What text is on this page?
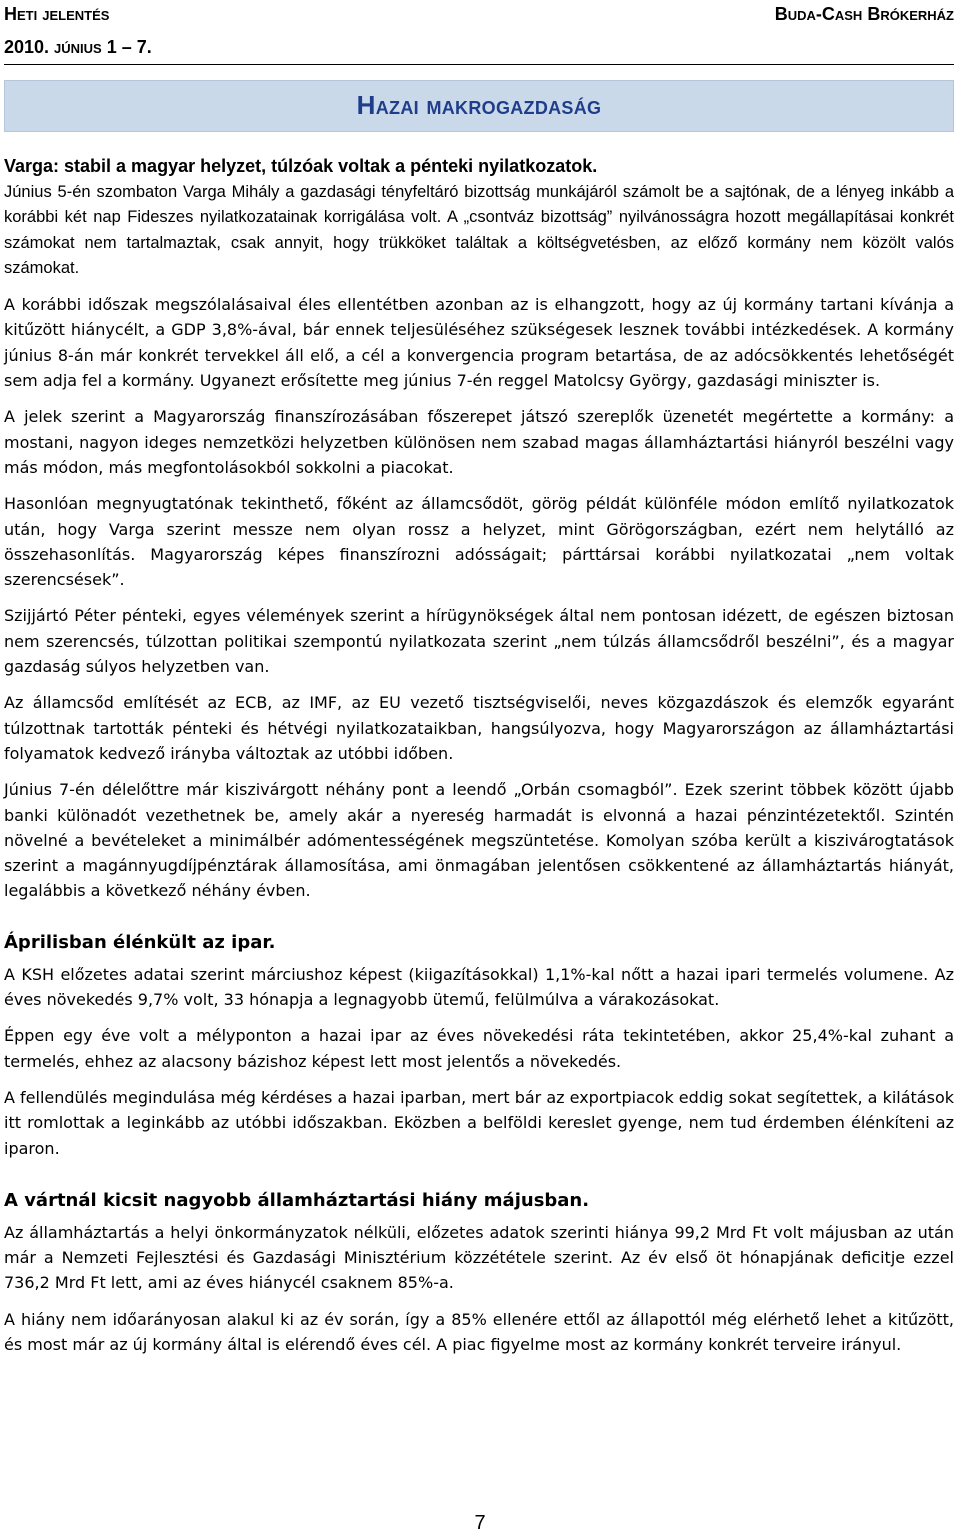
Heti jelentés	Buda-Cash Brókerház
2010. június 1 – 7.
Hazai makrogazdaság
Varga: stabil a magyar helyzet, túlzóak voltak a pénteki nyilatkozatok.

Június 5-én szombaton Varga Mihály a gazdasági tényfeltáró bizottság munkájáról számolt be a sajtónak, de a lényeg inkább a korábbi két nap Fideszes nyilatkozatainak korrigálása volt. A „csontváz bizottság” nyilvánosságra hozott megállapításai konkrét számokat nem tartalmaztak, csak annyit, hogy trükköket találtak a költségvetésben, az előző kormány nem közölt valós számokat.

A korábbi időszak megszólalásaival éles ellentétben azonban az is elhangzott, hogy az új kormány tartani kívánja a kitűzött hiánycélt, a GDP 3,8%-ával, bár ennek teljesüléséhez szükségesek lesznek további intézkedések. A kormány június 8-án már konkrét tervekkel áll elő, a cél a konvergencia program betartása, de az adócsökkentés lehetőségét sem adja fel a kormány. Ugyanezt erősítette meg június 7-én reggel Matolcsy György, gazdasági miniszter is.

A jelek szerint a Magyarország finanszírozásában főszerepet játszó szereplők üzenetét megértette a kormány: a mostani, nagyon ideges nemzetközi helyzetben különösen nem szabad magas államháztartási hiányról beszélni vagy más módon, más megfontolásokból sokkolni a piacokat.

Hasonlóan megnyugtatónak tekinthető, főként az államcsődöt, görög példát különféle módon említő nyilatkozatok után, hogy Varga szerint messze nem olyan rossz a helyzet, mint Görögországban, ezért nem helytálló az összehasonlítás. Magyarország képes finanszírozni adósságait; párttársai korábbi nyilatkozatai „nem voltak szerencsések”.

Szijjártó Péter pénteki, egyes vélemények szerint a hírügynökségek által nem pontosan idézett, de egészen biztosan nem szerencsés, túlzottan politikai szempontú nyilatkozata szerint „nem túlzás államcsődről beszélni”, és a magyar gazdaság súlyos helyzetben van.

Az államcsőd említését az ECB, az IMF, az EU vezető tisztségviselői, neves közgazdászok és elemzők egyaránt túlzottnak tartották pénteki és hétvégi nyilatkozataikban, hangsúlyozva, hogy Magyarországon az államháztartási folyamatok kedvező irányba változtak az utóbbi időben.

Június 7-én délelőttre már kiszivárgott néhány pont a leendő „Orbán csomagból”. Ezek szerint többek között újabb banki különadót vezethetnek be, amely akár a nyereség harmadát is elvonná a hazai pénzintézetektől. Szintén növelné a bevételeket a minimálbér adómentességének megszüntetése. Komolyan szóba került a kiszivárogtatások szerint a magánnyugdíjpénztárak államosítása, ami önmagában jelentősen csökkentené az államháztartás hiányát, legalábbis a következő néhány évben.

Áprilisban élénkült az ipar.

A KSH előzetes adatai szerint márciushoz képest (kiigazításokkal) 1,1%-kal nőtt a hazai ipari termelés volumene. Az éves növekedés 9,7% volt, 33 hónapja a legnagyobb ütemű, felülmúlva a várakozásokat.

Éppen egy éve volt a mélyponton a hazai ipar az éves növekedési ráta tekintetében, akkor 25,4%-kal zuhant a termelés, ehhez az alacsony bázishoz képest lett most jelentős a növekedés.

A fellendülés megindulása még kérdéses a hazai iparban, mert bár az exportpiacok eddig sokat segítettek, a kilátások itt romlottak a leginkább az utóbbi időszakban. Eközben a belföldi kereslet gyenge, nem tud érdemben élénkíteni az iparon.

A vártnál kicsit nagyobb államháztartási hiány májusban.

Az államháztartás a helyi önkormányzatok nélküli, előzetes adatok szerinti hiánya 99,2 Mrd Ft volt májusban az után már a Nemzeti Fejlesztési és Gazdasági Minisztérium közzététele szerint. Az év első öt hónapjának deficitje ezzel 736,2 Mrd Ft lett, ami az éves hiánycél csaknem 85%-a.

A hiány nem időarányosan alakul ki az év során, így a 85% ellenére ettől az állapottól még elérhető lehet a kitűzött, és most már az új kormány által is elérendő éves cél. A piac figyelme most az kormány konkrét terveire irányul.

7
